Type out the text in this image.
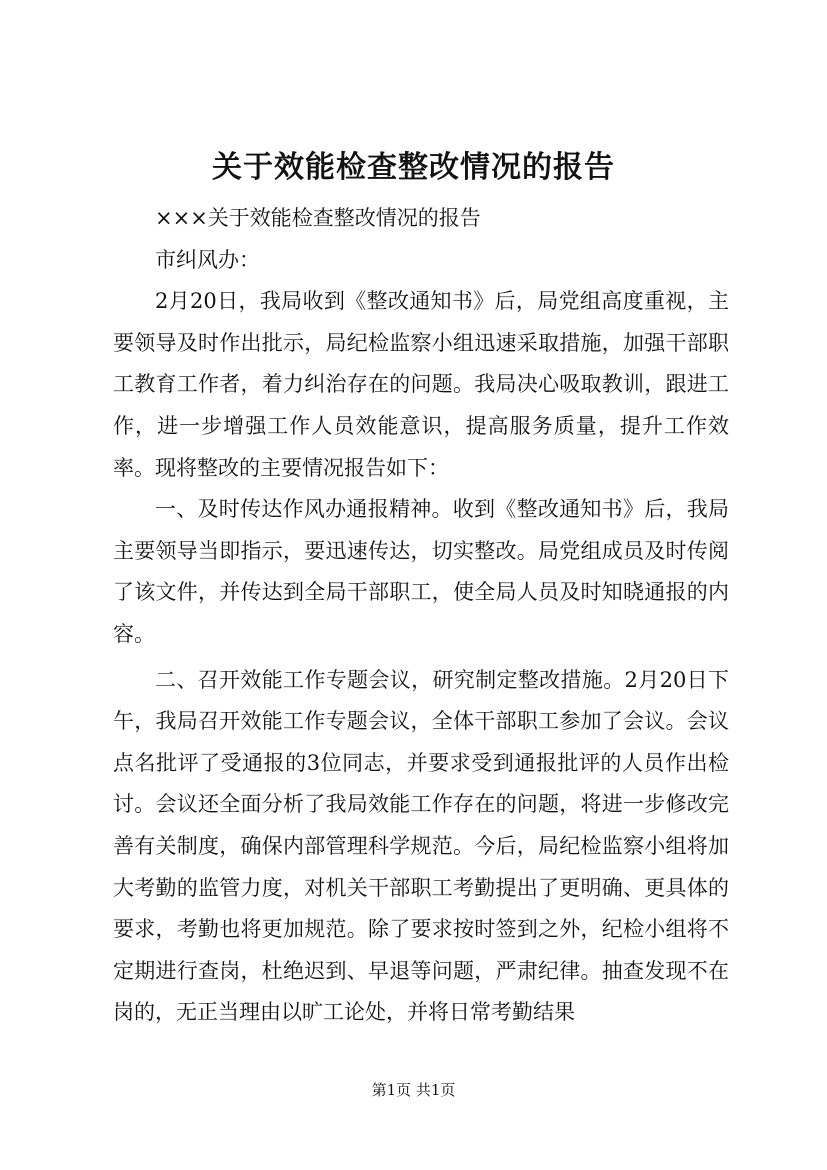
关于效能检查整改情况的报告

×××关于效能检查整改情况的报告

市纠风办：

2月20日，我局收到《整改通知书》后，局党组高度重视，主要领导及时作出批示，局纪检监察小组迅速采取措施，加强干部职工教育工作者，着力纠治存在的问题。我局决心吸取教训，跟进工作，进一步增强工作人员效能意识，提高服务质量，提升工作效率。现将整改的主要情况报告如下：

一、及时传达作风办通报精神。收到《整改通知书》后，我局主要领导当即指示，要迅速传达，切实整改。局党组成员及时传阅了该文件，并传达到全局干部职工，使全局人员及时知晓通报的内容。

二、召开效能工作专题会议，研究制定整改措施。2月20日下午，我局召开效能工作专题会议，全体干部职工参加了会议。会议点名批评了受通报的3位同志，并要求受到通报批评的人员作出检讨。会议还全面分析了我局效能工作存在的问题，将进一步修改完善有关制度，确保内部管理科学规范。今后，局纪检监察小组将加大考勤的监管力度，对机关干部职工考勤提出了更明确、更具体的要求，考勤也将更加规范。除了要求按时签到之外，纪检小组将不定期进行查岗，杜绝迟到、早退等问题，严肃纪律。抽查发现不在岗的，无正当理由以旷工论处，并将日常考勤结果

第1页 共1页
